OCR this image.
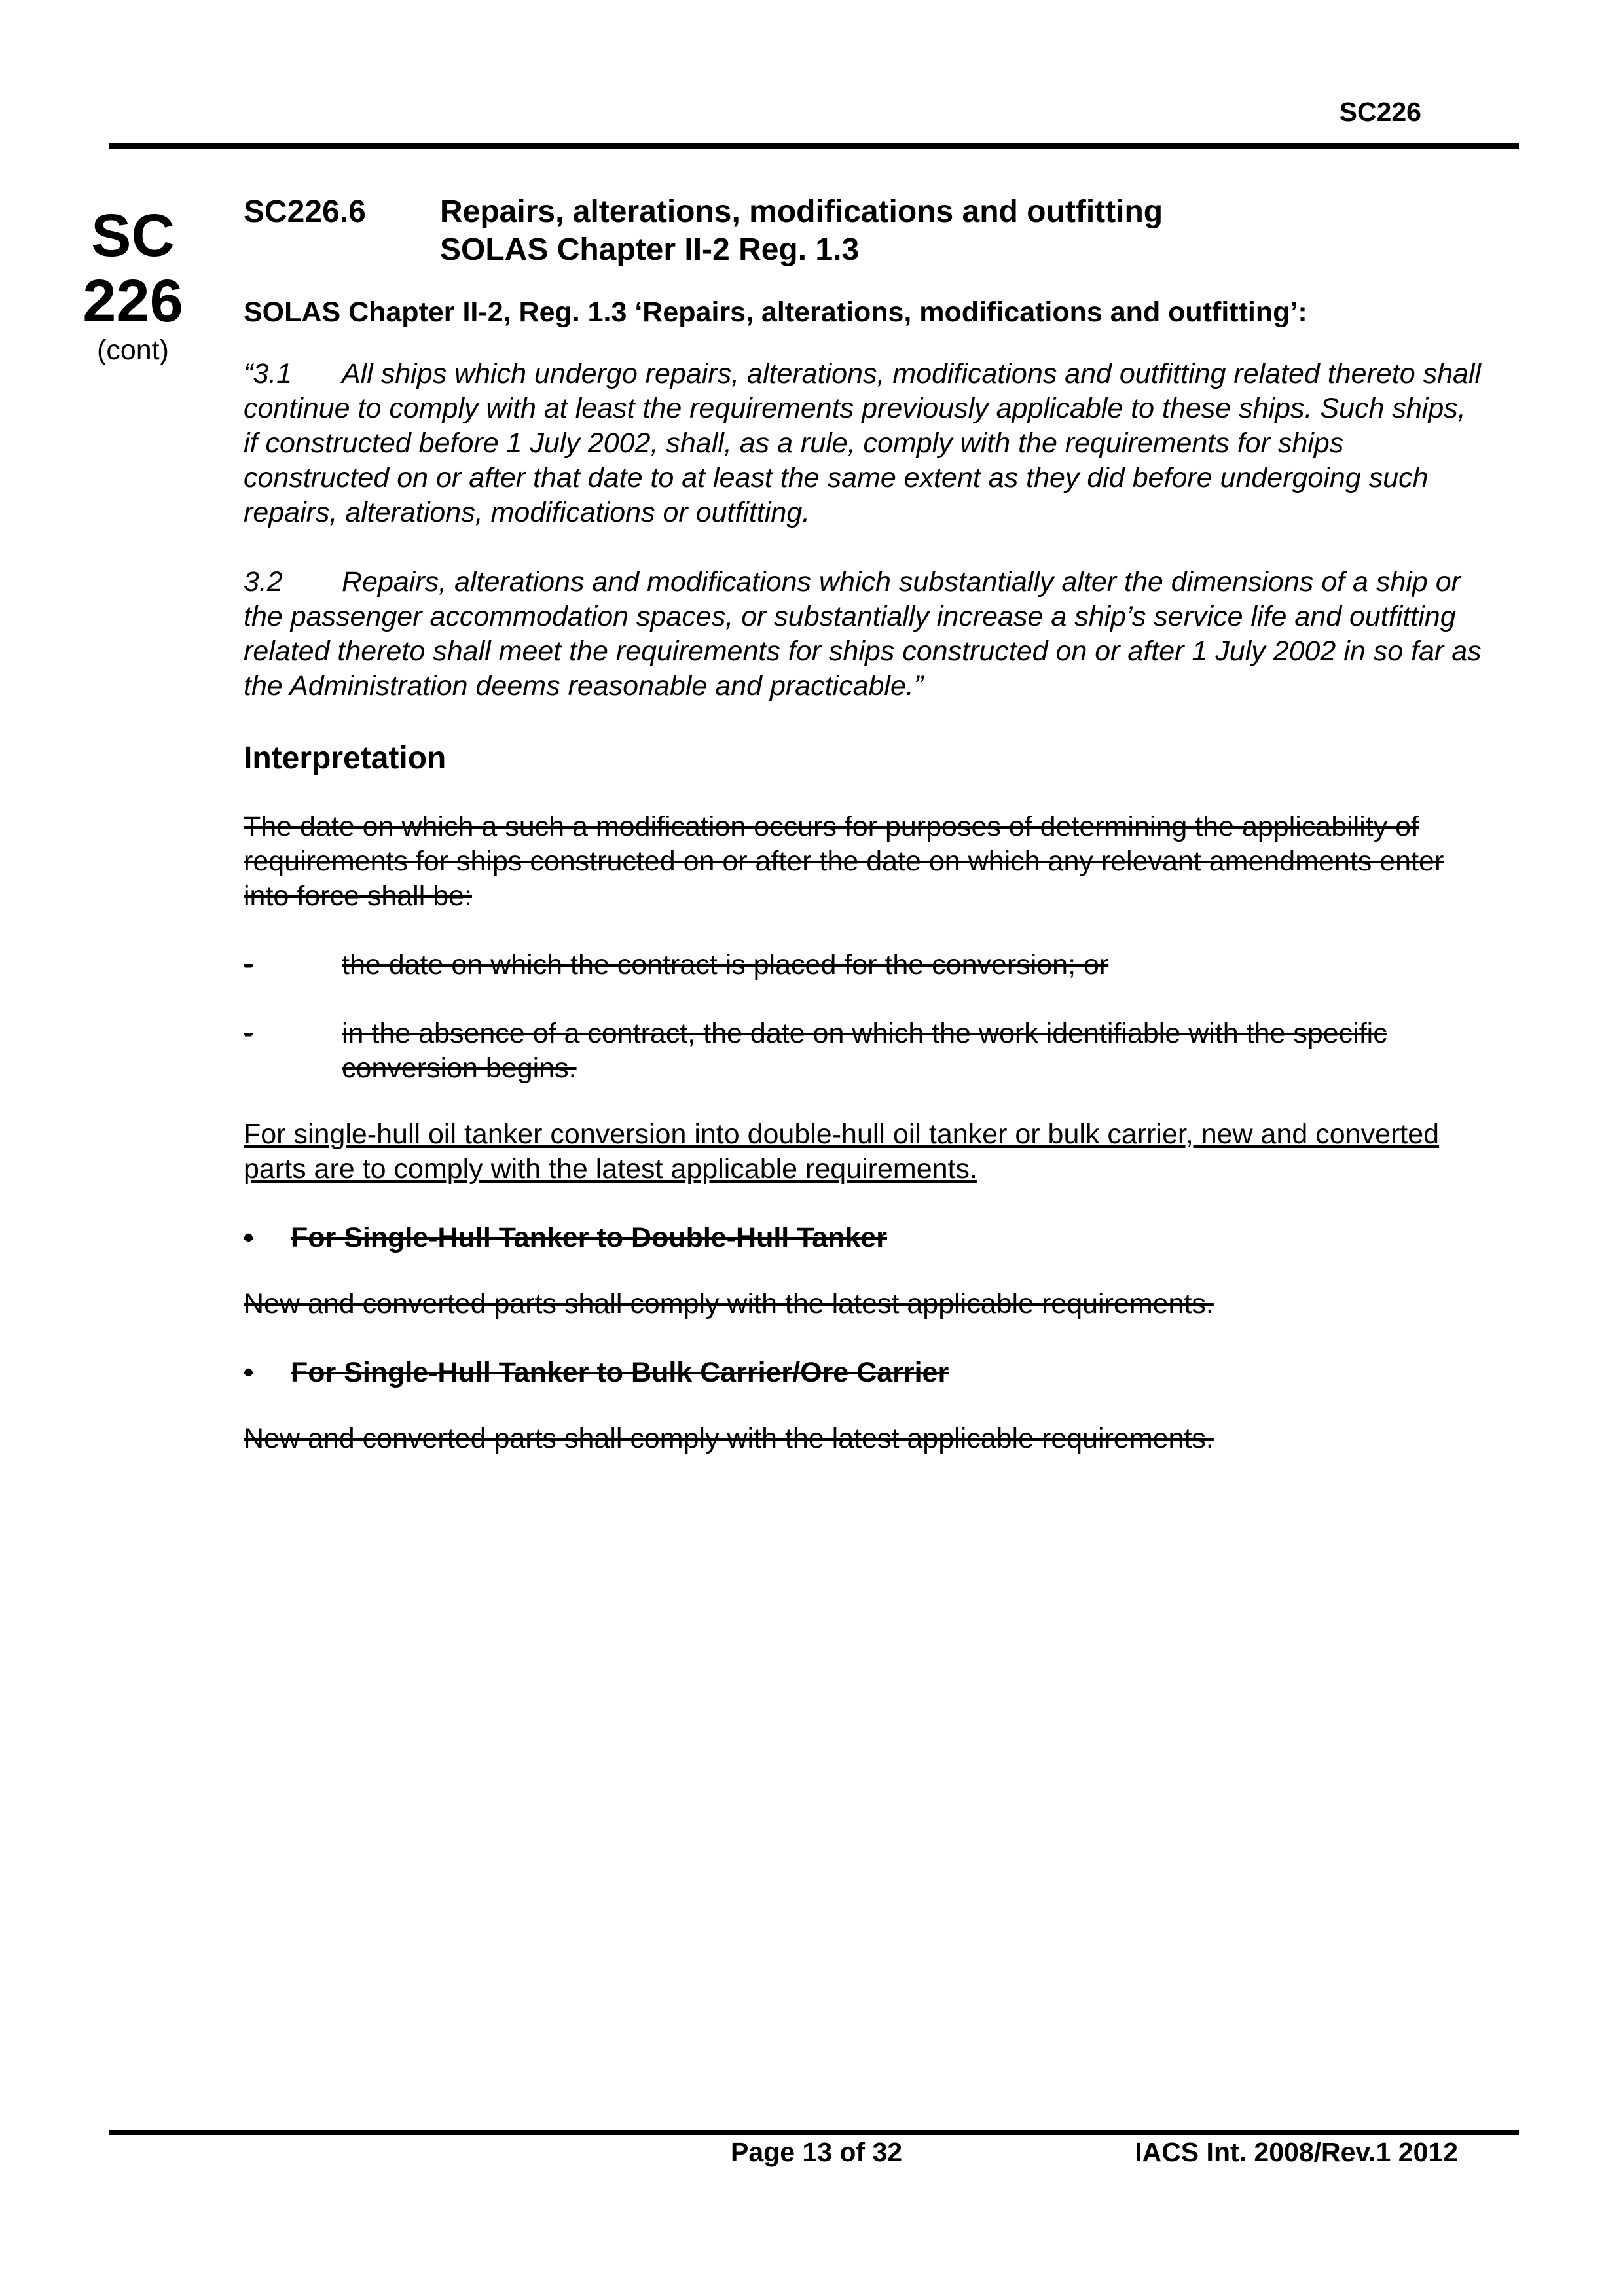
SC226
SC
226
(cont)
SC226.6	Repairs, alterations, modifications and outfitting
SOLAS Chapter II-2 Reg. 1.3
SOLAS Chapter II-2, Reg. 1.3 ‘Repairs, alterations, modifications and outfitting’:

“3.1 All ships which undergo repairs, alterations, modifications and outfitting related thereto shall continue to comply with at least the requirements previously applicable to these ships. Such ships, if constructed before 1 July 2002, shall, as a rule, comply with the requirements for ships constructed on or after that date to at least the same extent as they did before undergoing such repairs, alterations, modifications or outfitting.

3.2 Repairs, alterations and modifications which substantially alter the dimensions of a ship or the passenger accommodation spaces, or substantially increase a ship’s service life and outfitting related thereto shall meet the requirements for ships constructed on or after 1 July 2002 in so far as the Administration deems reasonable and practicable.”

Interpretation
The date on which a such a modification occurs for purposes of determining the applicability of requirements for ships constructed on or after the date on which any relevant amendments enter into force shall be:
-	the date on which the contract is placed for the conversion; or
-	in the absence of a contract, the date on which the work identifiable with the specific conversion begins.
For single-hull oil tanker conversion into double-hull oil tanker or bulk carrier, new and converted parts are to comply with the latest applicable requirements.
•	For Single-Hull Tanker to Double-Hull Tanker
New and converted parts shall comply with the latest applicable requirements.
•	For Single-Hull Tanker to Bulk Carrier/Ore Carrier
New and converted parts shall comply with the latest applicable requirements.
Page 13 of 32	IACS Int. 2008/Rev.1 2012
